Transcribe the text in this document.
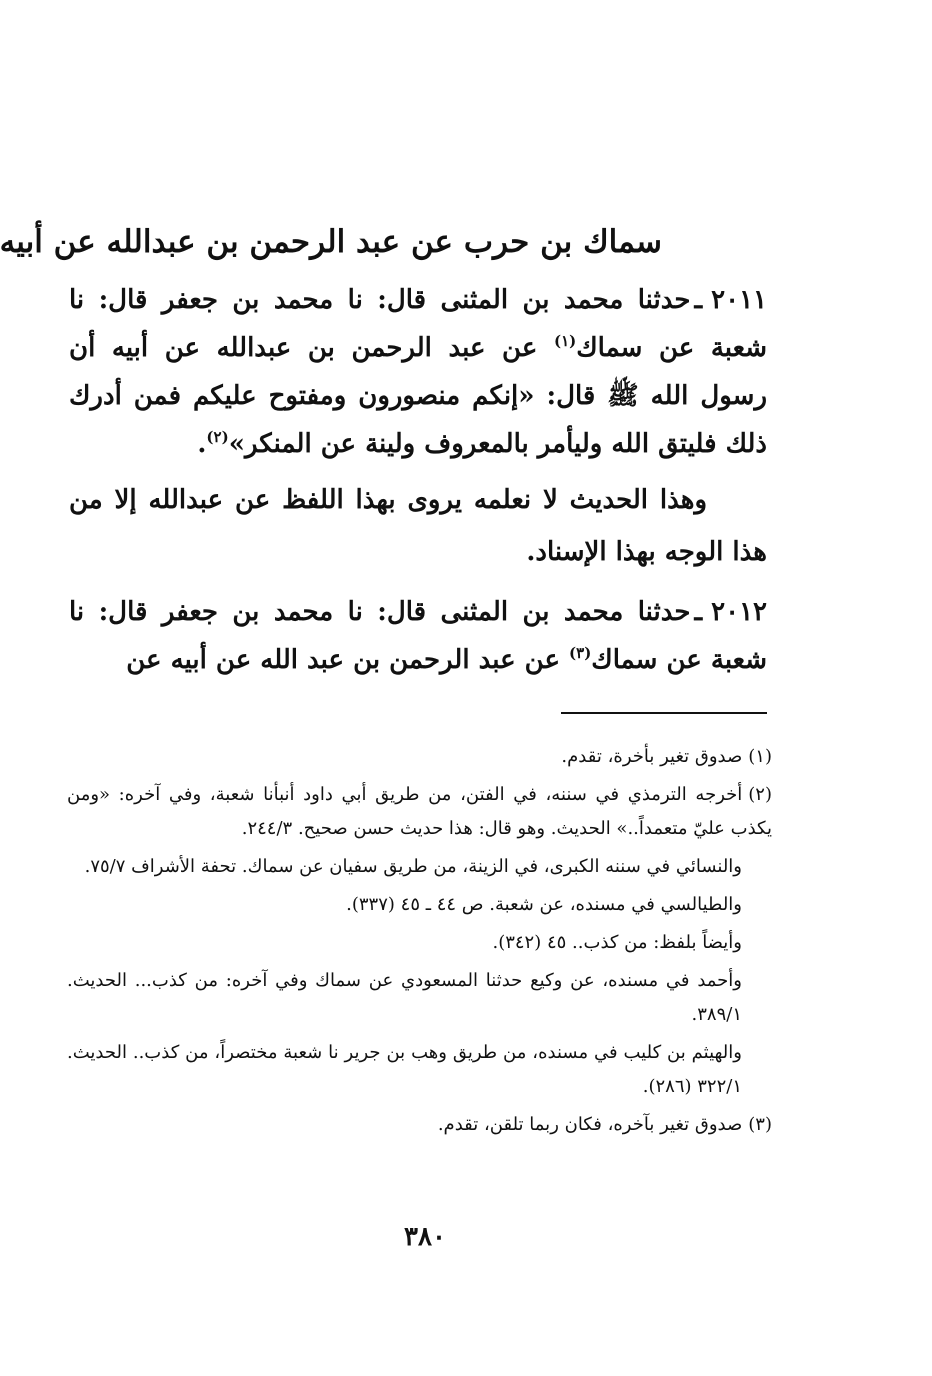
سماك بن حرب عن عبد الرحمن بن عبدالله عن أبيه
٢٠١١ ـحدثنا محمد بن المثنى قال: نا محمد بن جعفر قال: نا شعبة عن سماك$^{(١)}$ عن عبد الرحمن بن عبدالله عن أبيه أن رسول الله ﷺ قال: «إنكم منصورون ومفتوح عليكم فمن أدرك ذلك فليتق الله وليأمر بالمعروف ولينة عن المنكر»$^{(٢)}$.
وهذا الحديث لا نعلمه يروى بهذا اللفظ عن عبدالله إلا من هذا الوجه بهذا الإسناد.
٢٠١٢ ـحدثنا محمد بن المثنى قال: نا محمد بن جعفر قال: نا شعبة عن سماك$^{(٣)}$ عن عبد الرحمن بن عبد الله عن أبيه عن

(١)صدوق تغير بأخرة، تقدم.

(٢)أخرجه الترمذي في سننه، في الفتن، من طريق أبي داود أنبأنا شعبة، وفي آخره: «ومن يكذب عليّ متعمداً..» الحديث. وهو قال: هذا حديث حسن صحيح. ٢٤٤/٣.

والنسائي في سننه الكبرى، في الزينة، من طريق سفيان عن سماك. تحفة الأشراف ٧٥/٧.

والطيالسي في مسنده، عن شعبة. ص ٤٤ ـ ٤٥ (٣٣٧).

وأيضاً بلفظ: من كذب.. ٤٥ (٣٤٢).

وأحمد في مسنده، عن وكيع حدثنا المسعودي عن سماك وفي آخره: من كذب... الحديث. ٣٨٩/١.

والهيثم بن كليب في مسنده، من طريق وهب بن جرير نا شعبة مختصراً، من كذب.. الحديث. ٣٢٢/١ (٢٨٦).

(٣)صدوق تغير بآخره، فكان ربما تلقن، تقدم.

٣٨٠
